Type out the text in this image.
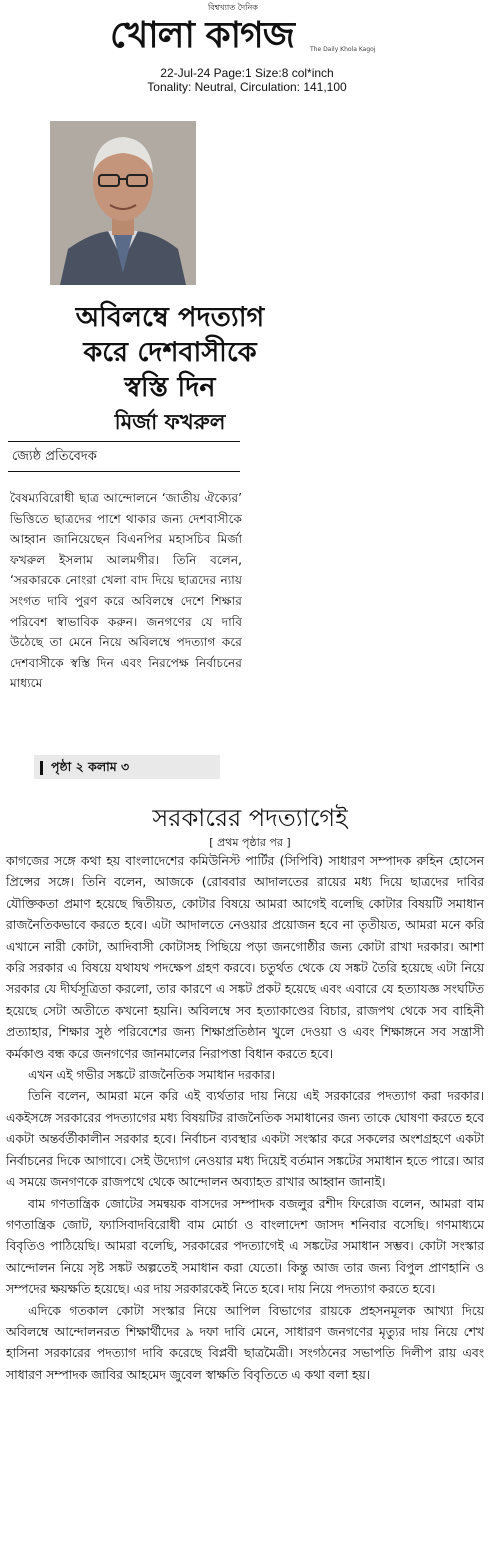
বিশ্বখ্যাত দৈনিক
খোলা কাগজ	The Daily Khola Kagoj
22-Jul-24 Page:1 Size:8 col*inch
Tonality: Neutral, Circulation: 141,100
অবিলম্বে পদত্যাগ
করে দেশবাসীকে
স্বস্তি দিন
মির্জা ফখরুল
জ্যেষ্ঠ প্রতিবেদক
বৈষম্যবিরোধী ছাত্র আন্দোলনে ‘জাতীয় ঐক্যের’ ভিত্তিতে ছাত্রদের পাশে থাকার জন্য দেশবাসীকে আহ্বান জানিয়েছেন বিএনপির মহাসচিব মির্জা ফখরুল ইসলাম আলমগীর। তিনি বলেন, ‘সরকারকে নোংরা খেলা বাদ দিয়ে ছাত্রদের ন্যায় সংগত দাবি পুরণ করে অবিলম্বে দেশে শিক্ষার পরিবেশ স্বাভাবিক করুন। জনগণের যে দাবি উঠেছে তা মেনে নিয়ে অবিলম্বে পদত্যাগ করে দেশবাসীকে স্বস্তি দিন এবং নিরপেক্ষ নির্বাচনের মাধ্যমে
পৃষ্ঠা ২ কলাম ৩
সরকারের পদত্যাগেই
[ প্রথম পৃষ্ঠার পর ]

কাগজের সঙ্গে কথা হয় বাংলাদেশের কমিউনিস্ট পার্টির (সিপিবি) সাধারণ সম্পাদক রুহিন হোসেন প্রিন্সের সঙ্গে। তিনি বলেন, আজকে (রোববার আদালতের রায়ের মধ্য দিয়ে ছাত্রদের দাবির যৌক্তিকতা প্রমাণ হয়েছে দ্বিতীয়ত, কোটার বিষয়ে আমরা আগেই বলেছি কোটার বিষয়টি সমাধান রাজনৈতিকভাবে করতে হবে। এটা আদালতে নেওয়ার প্রয়োজন হবে না তৃতীয়ত, আমরা মনে করি এখানে নারী কোটা, আদিবাসী কোটাসহ পিছিয়ে পড়া জনগোষ্ঠীর জন্য কোটা রাখা দরকার। আশা করি সরকার এ বিষয়ে যথাযথ পদক্ষেপ গ্রহণ করবে। চতুর্থত থেকে যে সঙ্কট তৈরি হয়েছে এটা নিয়ে সরকার যে দীর্ঘসূত্রিতা করলো, তার কারণে এ সঙ্কট প্রকট হয়েছে এবং এবারে যে হত্যাযজ্ঞ সংঘটিত হয়েছে সেটা অতীতে কখনো হয়নি। অবিলম্বে সব হত্যাকাণ্ডের বিচার, রাজপথ থেকে সব বাহিনী প্রত্যাহার, শিক্ষার সুষ্ঠ পরিবেশের জন্য শিক্ষাপ্রতিষ্ঠান খুলে দেওয়া ও এবং শিক্ষাঙ্গনে সব সন্ত্রাসী কর্মকাণ্ড বন্ধ করে জনগণের জানমালের নিরাপত্তা বিধান করতে হবে।

এখন এই গভীর সঙ্কটে রাজনৈতিক সমাধান দরকার।

তিনি বলেন, আমরা মনে করি এই ব্যর্থতার দায় নিয়ে এই সরকারের পদত্যাগ করা দরকার। একইসঙ্গে সরকারের পদত্যাগের মধ্য বিষয়টির রাজনৈতিক সমাধানের জন্য তাকে ঘোষণা করতে হবে একটা অন্তর্বর্তীকালীন সরকার হবে। নির্বাচন ব্যবস্থার একটা সংস্কার করে সকলের অংশগ্রহণে একটা নির্বাচনের দিকে আগাবে। সেই উদ্যোগ নেওয়ার মধ্য দিয়েই বর্তমান সঙ্কটের সমাধান হতে পারে। আর এ সময়ে জনগণকে রাজপথে থেকে আন্দোলন অব্যাহত রাখার আহ্বান জানাই।

বাম গণতান্ত্রিক জোটের সমন্বয়ক বাসদের সম্পাদক বজলুর রশীদ ফিরোজ বলেন, আমরা বাম গণতান্ত্রিক জোট, ফ্যাসিবাদবিরোধী বাম মোর্চা ও বাংলাদেশ জাসদ শনিবার বসেছি। গণমাধ্যমে বিবৃতিও পাঠিয়েছি। আমরা বলেছি, সরকারের পদত্যাগেই এ সঙ্কটের সমাধান সম্ভব। কোটা সংস্কার আন্দোলন নিয়ে সৃষ্ট সঙ্কট অল্পতেই সমাধান করা যেতো। কিন্তু আজ তার জন্য বিপুল প্রাণহানি ও সম্পদের ক্ষয়ক্ষতি হয়েছে। এর দায় সরকারকেই নিতে হবে। দায় নিয়ে পদত্যাগ করতে হবে।

এদিকে গতকাল কোটা সংস্কার নিয়ে আপিল বিভাগের রায়কে প্রহসনমূলক আখ্যা দিয়ে অবিলম্বে আন্দোলনরত শিক্ষার্থীদের ৯ দফা দাবি মেনে, সাধারণ জনগণের মৃত্যুর দায় নিয়ে শেখ হাসিনা সরকারের পদত্যাগ দাবি করেছে বিপ্লবী ছাত্রমৈত্রী। সংগঠনের সভাপতি দিলীপ রায় এবং সাধারণ সম্পাদক জাবির আহমেদ জুবেল স্বাক্ষতি বিবৃতিতে এ কথা বলা হয়।
